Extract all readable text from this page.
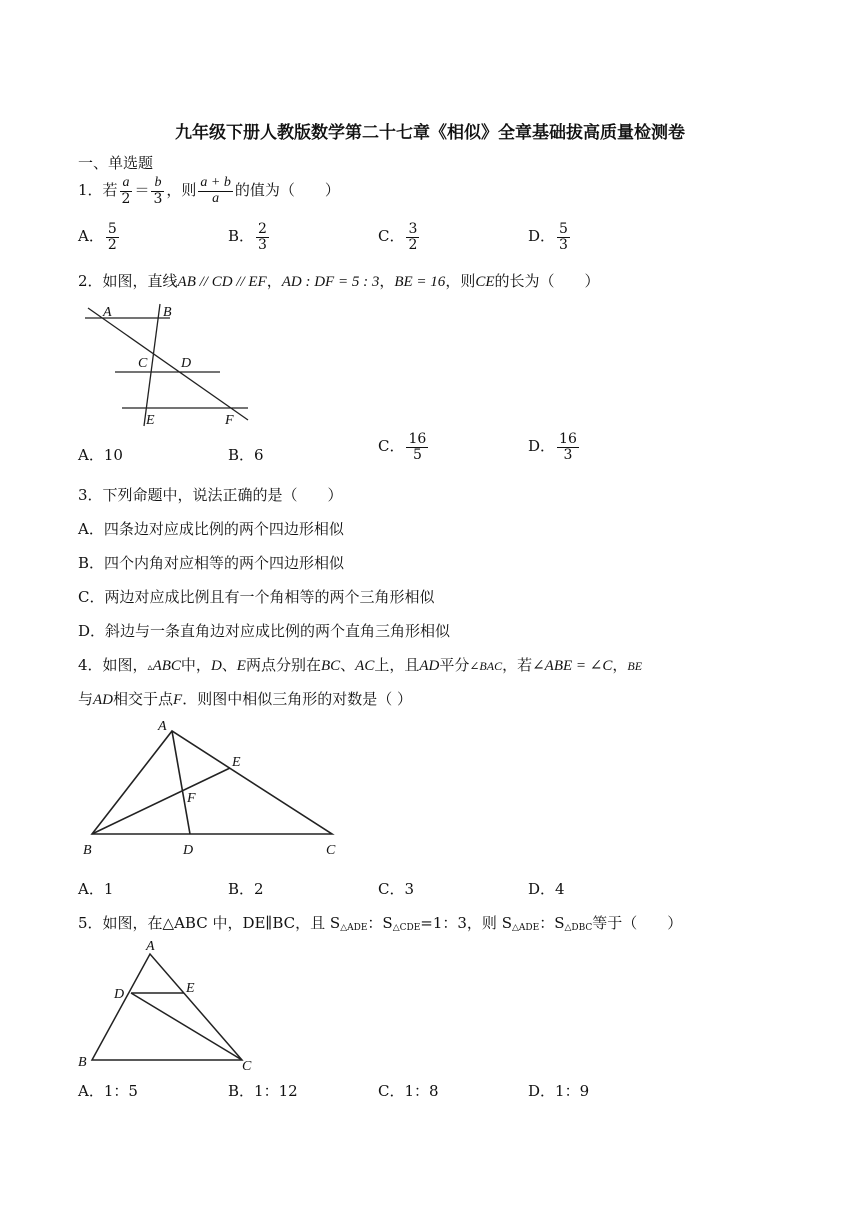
九年级下册人教版数学第二十七章《相似》全章基础拔高质量检测卷
一、单选题
1．若 $\frac{a}{2} = \frac{b}{3}$ ，则 $\frac{a + b}{a}$ 的值为（　　）
A． $\frac{5}{2}$	B． $\frac{2}{3}$	C． $\frac{3}{2}$	D． $\frac{5}{3}$
2．如图，直线AB // CD // EF，AD : DF = 5 : 3，BE = 16，则CE的长为（　　）
A	B
C D
E	F
A．10	B．6	C． $\frac{16}{5}$	D． $\frac{16}{3}$
3．下列命题中，说法正确的是（　　）
A．四条边对应成比例的两个四边形相似
B．四个内角对应相等的两个四边形相似
C．两边对应成比例且有一个角相等的两个三角形相似
D．斜边与一条直角边对应成比例的两个直角三角形相似
4．如图，▵ABC中，D、E两点分别在BC、AC上，且AD平分∠BAC，若∠ABE = ∠C，BE
与AD相交于点F．则图中相似三角形的对数是（ ）
A
E
F
B	D	C
A．1	B．2	C．3	D．4
5．如图，在△ABC 中，DE∥BC，且 $S_{\triangle ADE}$：$S_{\triangle CDE}=1$：3，则 $S_{\triangle ADE}$：$S_{\triangle DBC}$等于（　　）
A
D	E
B	C
A．1：5	B．1：12	C．1：8	D．1：9
